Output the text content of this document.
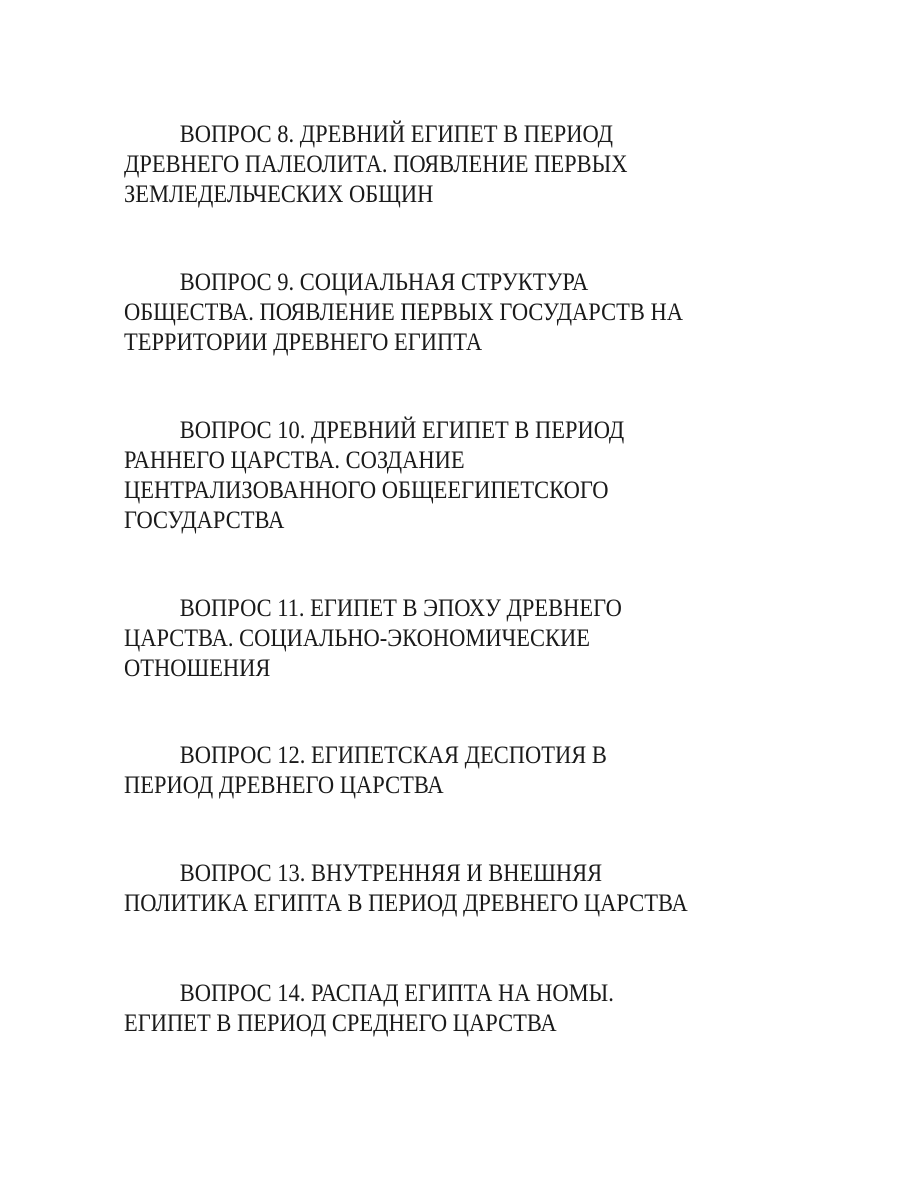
ВОПРОС 8. ДРЕВНИЙ ЕГИПЕТ В ПЕРИОД
ДРЕВНЕГО ПАЛЕОЛИТА. ПОЯВЛЕНИЕ ПЕРВЫХ
ЗЕМЛЕДЕЛЬЧЕСКИХ ОБЩИН

ВОПРОС 9. СОЦИАЛЬНАЯ СТРУКТУРА
ОБЩЕСТВА. ПОЯВЛЕНИЕ ПЕРВЫХ ГОСУДАРСТВ НА
ТЕРРИТОРИИ ДРЕВНЕГО ЕГИПТА

ВОПРОС 10. ДРЕВНИЙ ЕГИПЕТ В ПЕРИОД
РАННЕГО ЦАРСТВА. СОЗДАНИЕ
ЦЕНТРАЛИЗОВАННОГО ОБЩЕЕГИПЕТСКОГО
ГОСУДАРСТВА

ВОПРОС 11. ЕГИПЕТ В ЭПОХУ ДРЕВНЕГО
ЦАРСТВА. СОЦИАЛЬНО-ЭКОНОМИЧЕСКИЕ
ОТНОШЕНИЯ

ВОПРОС 12. ЕГИПЕТСКАЯ ДЕСПОТИЯ В
ПЕРИОД ДРЕВНЕГО ЦАРСТВА

ВОПРОС 13. ВНУТРЕННЯЯ И ВНЕШНЯЯ
ПОЛИТИКА ЕГИПТА В ПЕРИОД ДРЕВНЕГО ЦАРСТВА

ВОПРОС 14. РАСПАД ЕГИПТА НА НОМЫ.
ЕГИПЕТ В ПЕРИОД СРЕДНЕГО ЦАРСТВА
